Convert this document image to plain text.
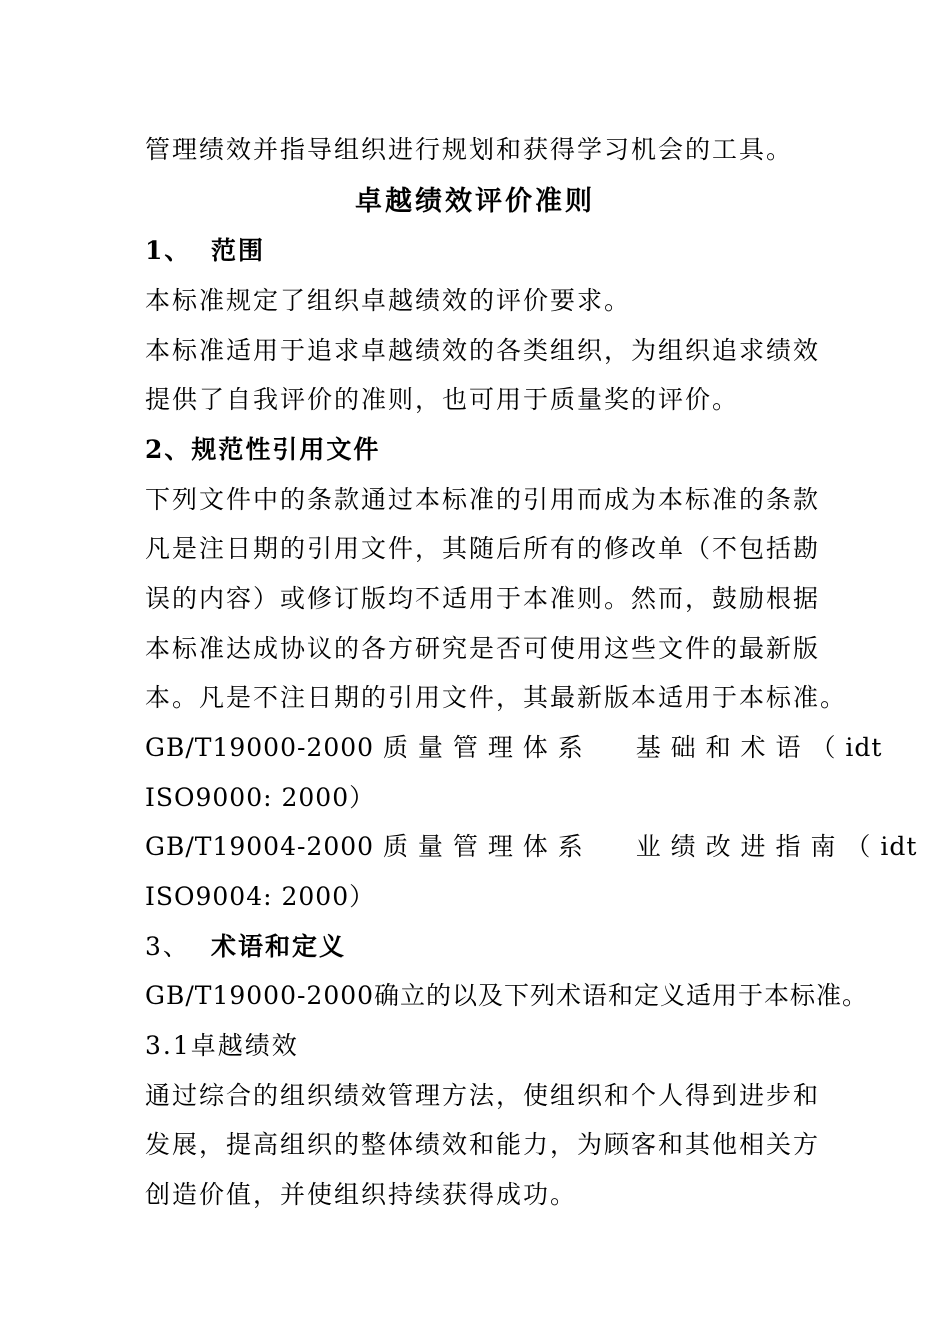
管理绩效并指导组织进行规划和获得学习机会的工具。
卓越绩效评价准则
1、 范围
本标准规定了组织卓越绩效的评价要求。
本标准适用于追求卓越绩效的各类组织，为组织追求绩效
提供了自我评价的准则，也可用于质量奖的评价。
2、规范性引用文件
下列文件中的条款通过本标准的引用而成为本标准的条款
凡是注日期的引用文件，其随后所有的修改单（不包括勘
误的内容）或修订版均不适用于本准则。然而，鼓励根据
本标准达成协议的各方研究是否可使用这些文件的最新版
本。凡是不注日期的引用文件，其最新版本适用于本标准。
GB/T19000-2000 质 量 管 理 体 系　　基 础 和 术 语 （ idt
ISO9000: 2000）
GB/T19004-2000 质 量 管 理 体 系　　业 绩 改 进 指 南 （ idt
ISO9004: 2000）
3、 术语和定义
GB/T19000-2000确立的以及下列术语和定义适用于本标准。
3.1卓越绩效
通过综合的组织绩效管理方法，使组织和个人得到进步和
发展，提高组织的整体绩效和能力，为顾客和其他相关方
创造价值，并使组织持续获得成功。
